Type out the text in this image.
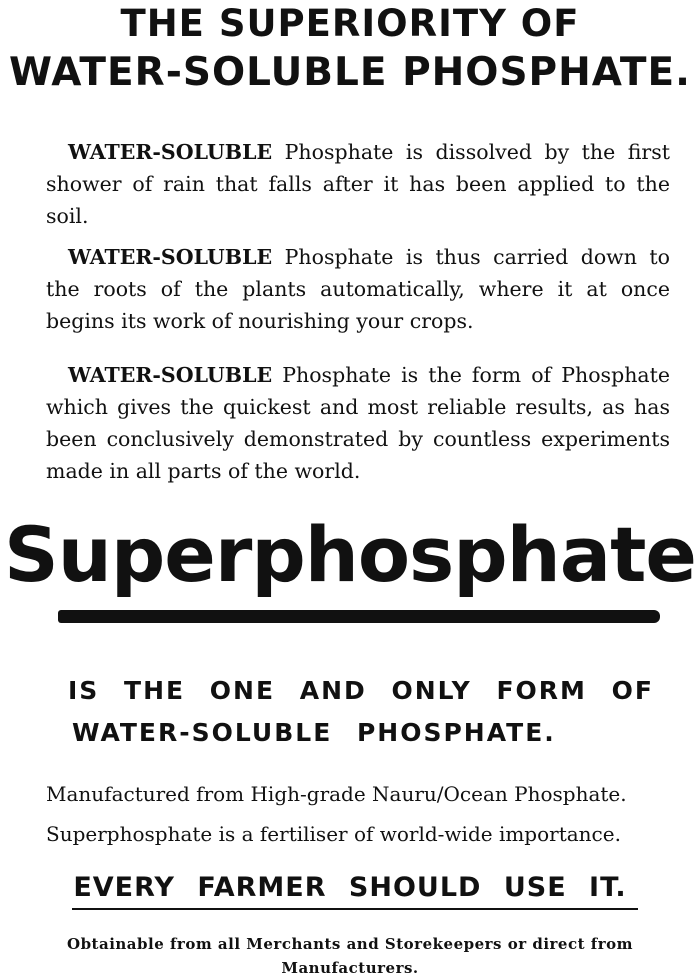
THE SUPERIORITY OF
WATER-SOLUBLE PHOSPHATE.
WATER-SOLUBLE Phosphate is dissolved by the first shower of rain that falls after it has been applied to the soil.
WATER-SOLUBLE Phosphate is thus carried down to the roots of the plants automatically, where it at once begins its work of nourishing your crops.
WATER-SOLUBLE Phosphate is the form of Phosphate which gives the quickest and most reliable results, as has been conclusively demonstrated by countless experiments made in all parts of the world.
Superphosphate
IS THE ONE AND ONLY FORM OF
WATER-SOLUBLE PHOSPHATE.
Manufactured from High-grade Nauru/Ocean Phosphate.
Superphosphate is a fertiliser of world-wide importance.
EVERY FARMER SHOULD USE IT.
Obtainable from all Merchants and Storekeepers or direct from Manufacturers.
